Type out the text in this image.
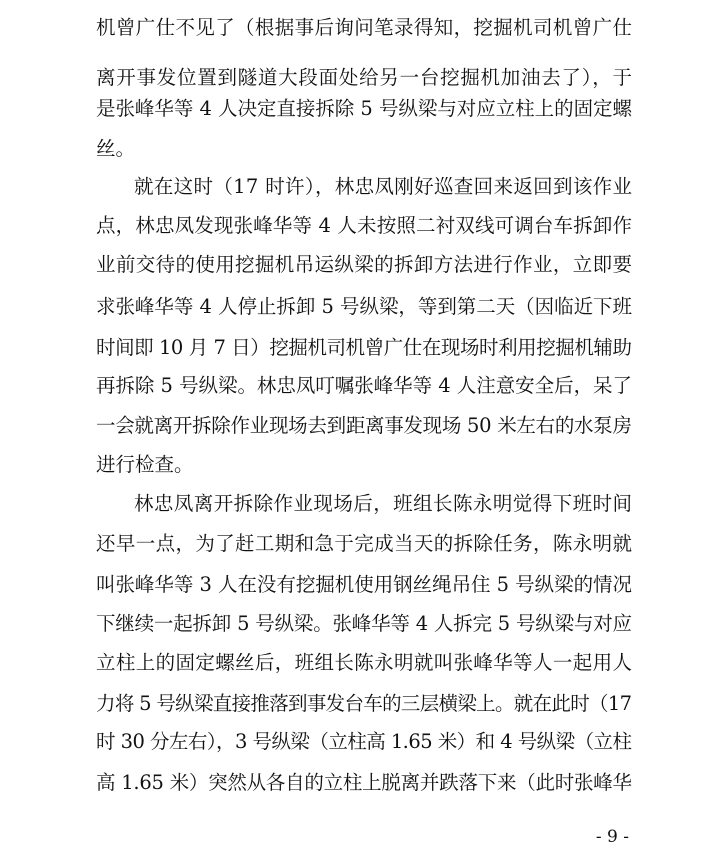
机曾广仕不见了（根据事后询问笔录得知，挖掘机司机曾广仕
离开事发位置到隧道大段面处给另一台挖掘机加油去了），于
是张峰华等 4 人决定直接拆除 5 号纵梁与对应立柱上的固定螺
丝。
就在这时（17 时许），林忠凤刚好巡查回来返回到该作业
点，林忠凤发现张峰华等 4 人未按照二衬双线可调台车拆卸作
业前交待的使用挖掘机吊运纵梁的拆卸方法进行作业，立即要
求张峰华等 4 人停止拆卸 5 号纵梁，等到第二天（因临近下班
时间即 10 月 7 日）挖掘机司机曾广仕在现场时利用挖掘机辅助
再拆除 5 号纵梁。林忠凤叮嘱张峰华等 4 人注意安全后，呆了
一会就离开拆除作业现场去到距离事发现场 50 米左右的水泵房
进行检查。
林忠凤离开拆除作业现场后，班组长陈永明觉得下班时间
还早一点，为了赶工期和急于完成当天的拆除任务，陈永明就
叫张峰华等 3 人在没有挖掘机使用钢丝绳吊住 5 号纵梁的情况
下继续一起拆卸 5 号纵梁。张峰华等 4 人拆完 5 号纵梁与对应
立柱上的固定螺丝后，班组长陈永明就叫张峰华等人一起用人
力将 5 号纵梁直接推落到事发台车的三层横梁上。就在此时（17
时 30 分左右），3 号纵梁（立柱高 1.65 米）和 4 号纵梁（立柱
高 1.65 米）突然从各自的立柱上脱离并跌落下来（此时张峰华
- 9 -
